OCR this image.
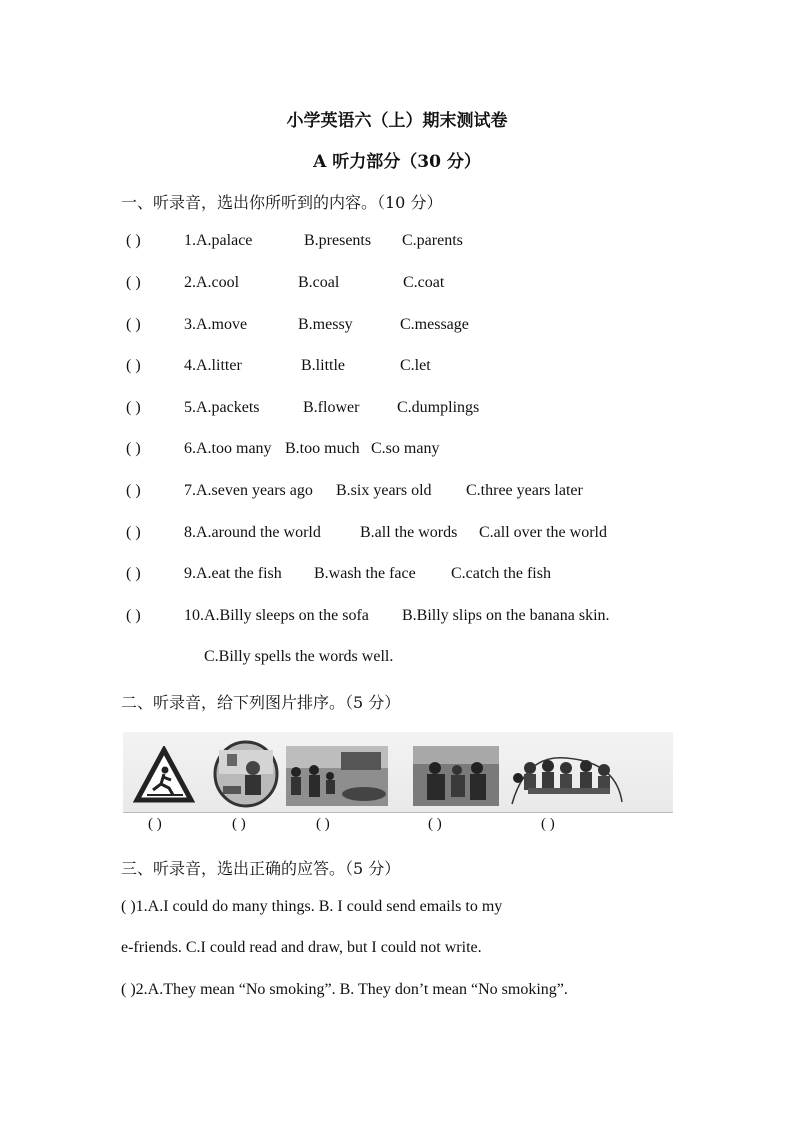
小学英语六（上）期末测试卷
A 听力部分（30 分）
一、听录音，选出你所听到的内容。（10 分）
( )	1.A.palace	B.presents C.parents
( )	2.A.cool	B.coal	C.coat
( )	3.A.move	B.messy	C.message
( )	4.A.litter	B.little	C.let
( )	5.A.packets	B.flower C.dumplings
( )	6.A.too many B.too much C.so many
( )	7.A.seven years ago B.six years old C.three years later
( )	8.A.around the world B.all the words C.all over the world
( )	9.A.eat the fish B.wash the face C.catch the fish
( )	10.A.Billy sleeps on the sofa B.Billy slips on the banana skin.
C.Billy spells the words well.
二、听录音，给下列图片排序。（5 分）
( )	( )	( )	( )	( )
三、听录音，选出正确的应答。（5 分）
( )1.A.I could do many things. B. I could send emails to my
e-friends. C.I could read and draw, but I could not write.
( )2.A.They mean “No smoking”. B. They don’t mean “No smoking”.
